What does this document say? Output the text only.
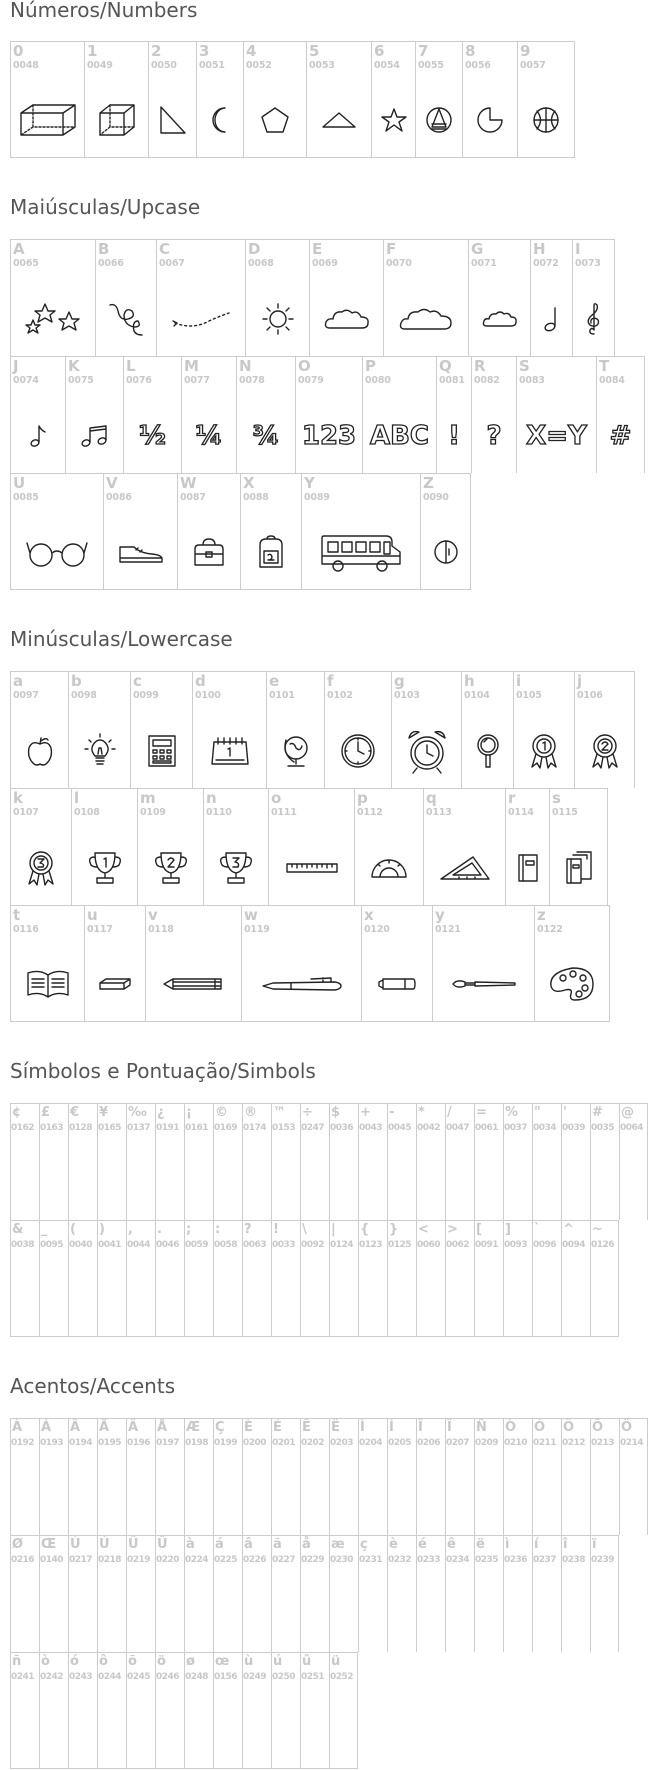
Números/Numbers
0
0048
1
0049
2
0050
3
0051
4
0052
5
0053
6
0054
7
0055
8
0056
9
0057
Maiúsculas/Upcase
A
0065
B
0066
C
0067
D
0068
E
0069
F
0070
G
0071
H
0072
I
0073
J
0074
K
0075
L
0076
½
M
0077
¼
N
0078
¾
O
0079
123
P
0080
ABC
Q
0081
!
R
0082
?
S
0083
X=Y
T
0084
#
U
0085
V
0086
W
0087
X
0088
Y
0089
Z
0090
Minúsculas/Lowercase
a
0097
b
0098
c
0099
d
0100
e
0101
f
0102
g
0103
h
0104
i
0105
j
0106
k
0107
l
0108
m
0109
n
0110
o
0111
p
0112
q
0113
r
0114
s
0115
t
0116
u
0117
v
0118
w
0119
x
0120
y
0121
z
0122
Símbolos e Pontuação/Simbols
¢
0162
£
0163
€
0128
¥
0165
‰
0137
¿
0191
¡
0161
©
0169
®
0174
™
0153
÷
0247
$
0036
+
0043
-
0045
*
0042
/
0047
=
0061
%
0037
"
0034
'
0039
#
0035
@
0064
&
0038
_
0095
(
0040
)
0041
,
0044
.
0046
;
0059
:
0058
?
0063
!
0033
\
0092
|
0124
{
0123
}
0125
<
0060
>
0062
[
0091
]
0093
`
0096
^
0094
~
0126
Acentos/Accents
À
0192
Á
0193
Â
0194
Ã
0195
Ä
0196
Å
0197
Æ
0198
Ç
0199
È
0200
É
0201
Ê
0202
Ë
0203
Ì
0204
Í
0205
Î
0206
Ï
0207
Ñ
0209
Ò
0210
Ó
0211
Ô
0212
Õ
0213
Ö
0214
Ø
0216
Œ
0140
Ù
0217
Ú
0218
Û
0219
Ü
0220
à
0224
á
0225
â
0226
ã
0227
å
0229
æ
0230
ç
0231
è
0232
é
0233
ê
0234
ë
0235
ì
0236
í
0237
î
0238
ï
0239
ñ
0241
ò
0242
ó
0243
ô
0244
õ
0245
ö
0246
ø
0248
œ
0156
ù
0249
ú
0250
û
0251
ü
0252
